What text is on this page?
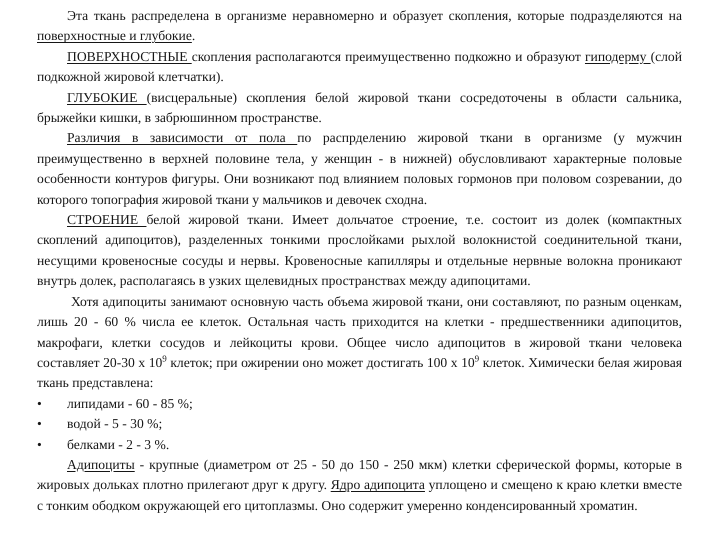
Эта ткань распределена в организме неравномерно и образует скопления, которые подразделяются на поверхностные и глубокие.

ПОВЕРХНОСТНЫЕ скопления располагаются преимущественно подкожно и образуют гиподерму (слой подкожной жировой клетчатки).

ГЛУБОКИЕ (висцеральные) скопления белой жировой ткани сосредоточены в области сальника, брыжейки кишки, в забрюшинном пространстве.

Различия в зависимости от пола по распрделению жировой ткани в организме (у мужчин преимущественно в верхней половине тела, у женщин - в нижней) обусловливают характерные половые особенности контуров фигуры. Они возникают под влиянием половых гормонов при половом созревании, до которого топография жировой ткани у мальчиков и девочек сходна.

СТРОЕНИЕ белой жировой ткани. Имеет дольчатое строение, т.е. состоит из долек (компактных скоплений адипоцитов), разделенных тонкими прослойками рыхлой волокнистой соединительной ткани, несущими кровеносные сосуды и нервы. Кровеносные капилляры и отдельные нервные волокна проникают внутрь долек, располагаясь в узких щелевидных пространствах между адипоцитами.

Хотя адипоциты занимают основную часть объема жировой ткани, они составляют, по разным оценкам, лишь 20 - 60 % числа ее клеток. Остальная часть приходится на клетки - предшественники адипоцитов, макрофаги, клетки сосудов и лейкоциты крови. Общее число адипоцитов в жировой ткани человека составляет 20-30 х $10^9$ клеток; при ожирении оно может достигать 100 х $10^9$ клеток. Химически белая жировая ткань представлена:

• липидами - 60 - 85 %;
• водой - 5 - 30 %;
• белками - 2 - 3 %.

Адипоциты - крупные (диаметром от 25 - 50 до 150 - 250 мкм) клетки сферической формы, которые в жировых дольках плотно прилегают друг к другу. Ядро адипоцита уплощено и смещено к краю клетки вместе с тонким ободком окружающей его цитоплазмы. Оно содержит умеренно конденсированный хроматин.
